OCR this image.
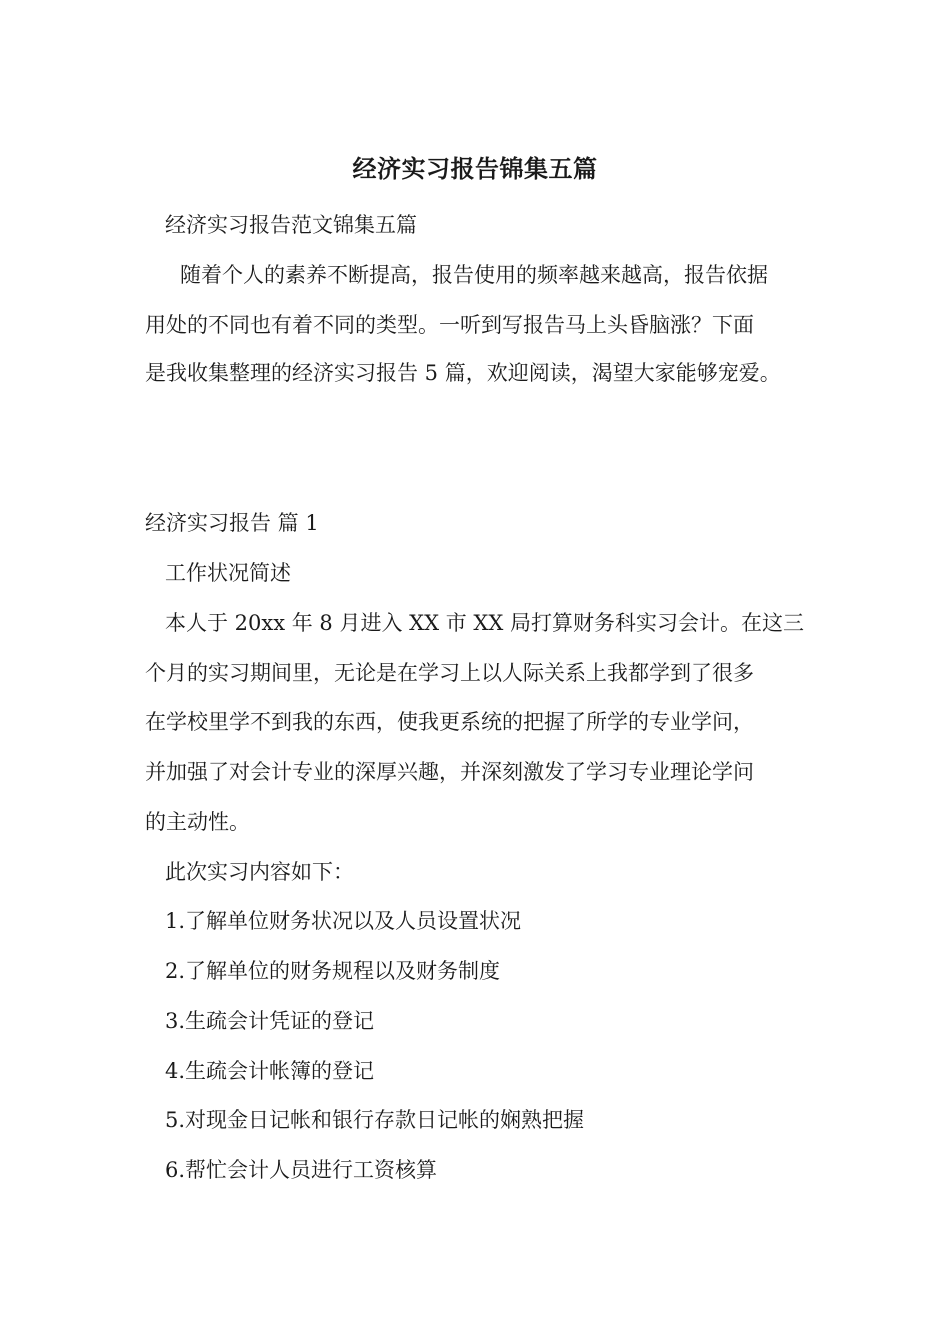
经济实习报告锦集五篇
经济实习报告范文锦集五篇
随着个人的素养不断提高，报告使用的频率越来越高，报告依据
用处的不同也有着不同的类型。一听到写报告马上头昏脑涨？下面
是我收集整理的经济实习报告 5 篇，欢迎阅读，渴望大家能够宠爱。
经济实习报告 篇 1
工作状况简述
本人于 20xx 年 8 月进入 XX 市 XX 局打算财务科实习会计。在这三
个月的实习期间里，无论是在学习上以人际关系上我都学到了很多
在学校里学不到我的东西，使我更系统的把握了所学的专业学问，
并加强了对会计专业的深厚兴趣，并深刻激发了学习专业理论学问
的主动性。
此次实习内容如下：
1.了解单位财务状况以及人员设置状况
2.了解单位的财务规程以及财务制度
3.生疏会计凭证的登记
4.生疏会计帐簿的登记
5.对现金日记帐和银行存款日记帐的娴熟把握
6.帮忙会计人员进行工资核算
